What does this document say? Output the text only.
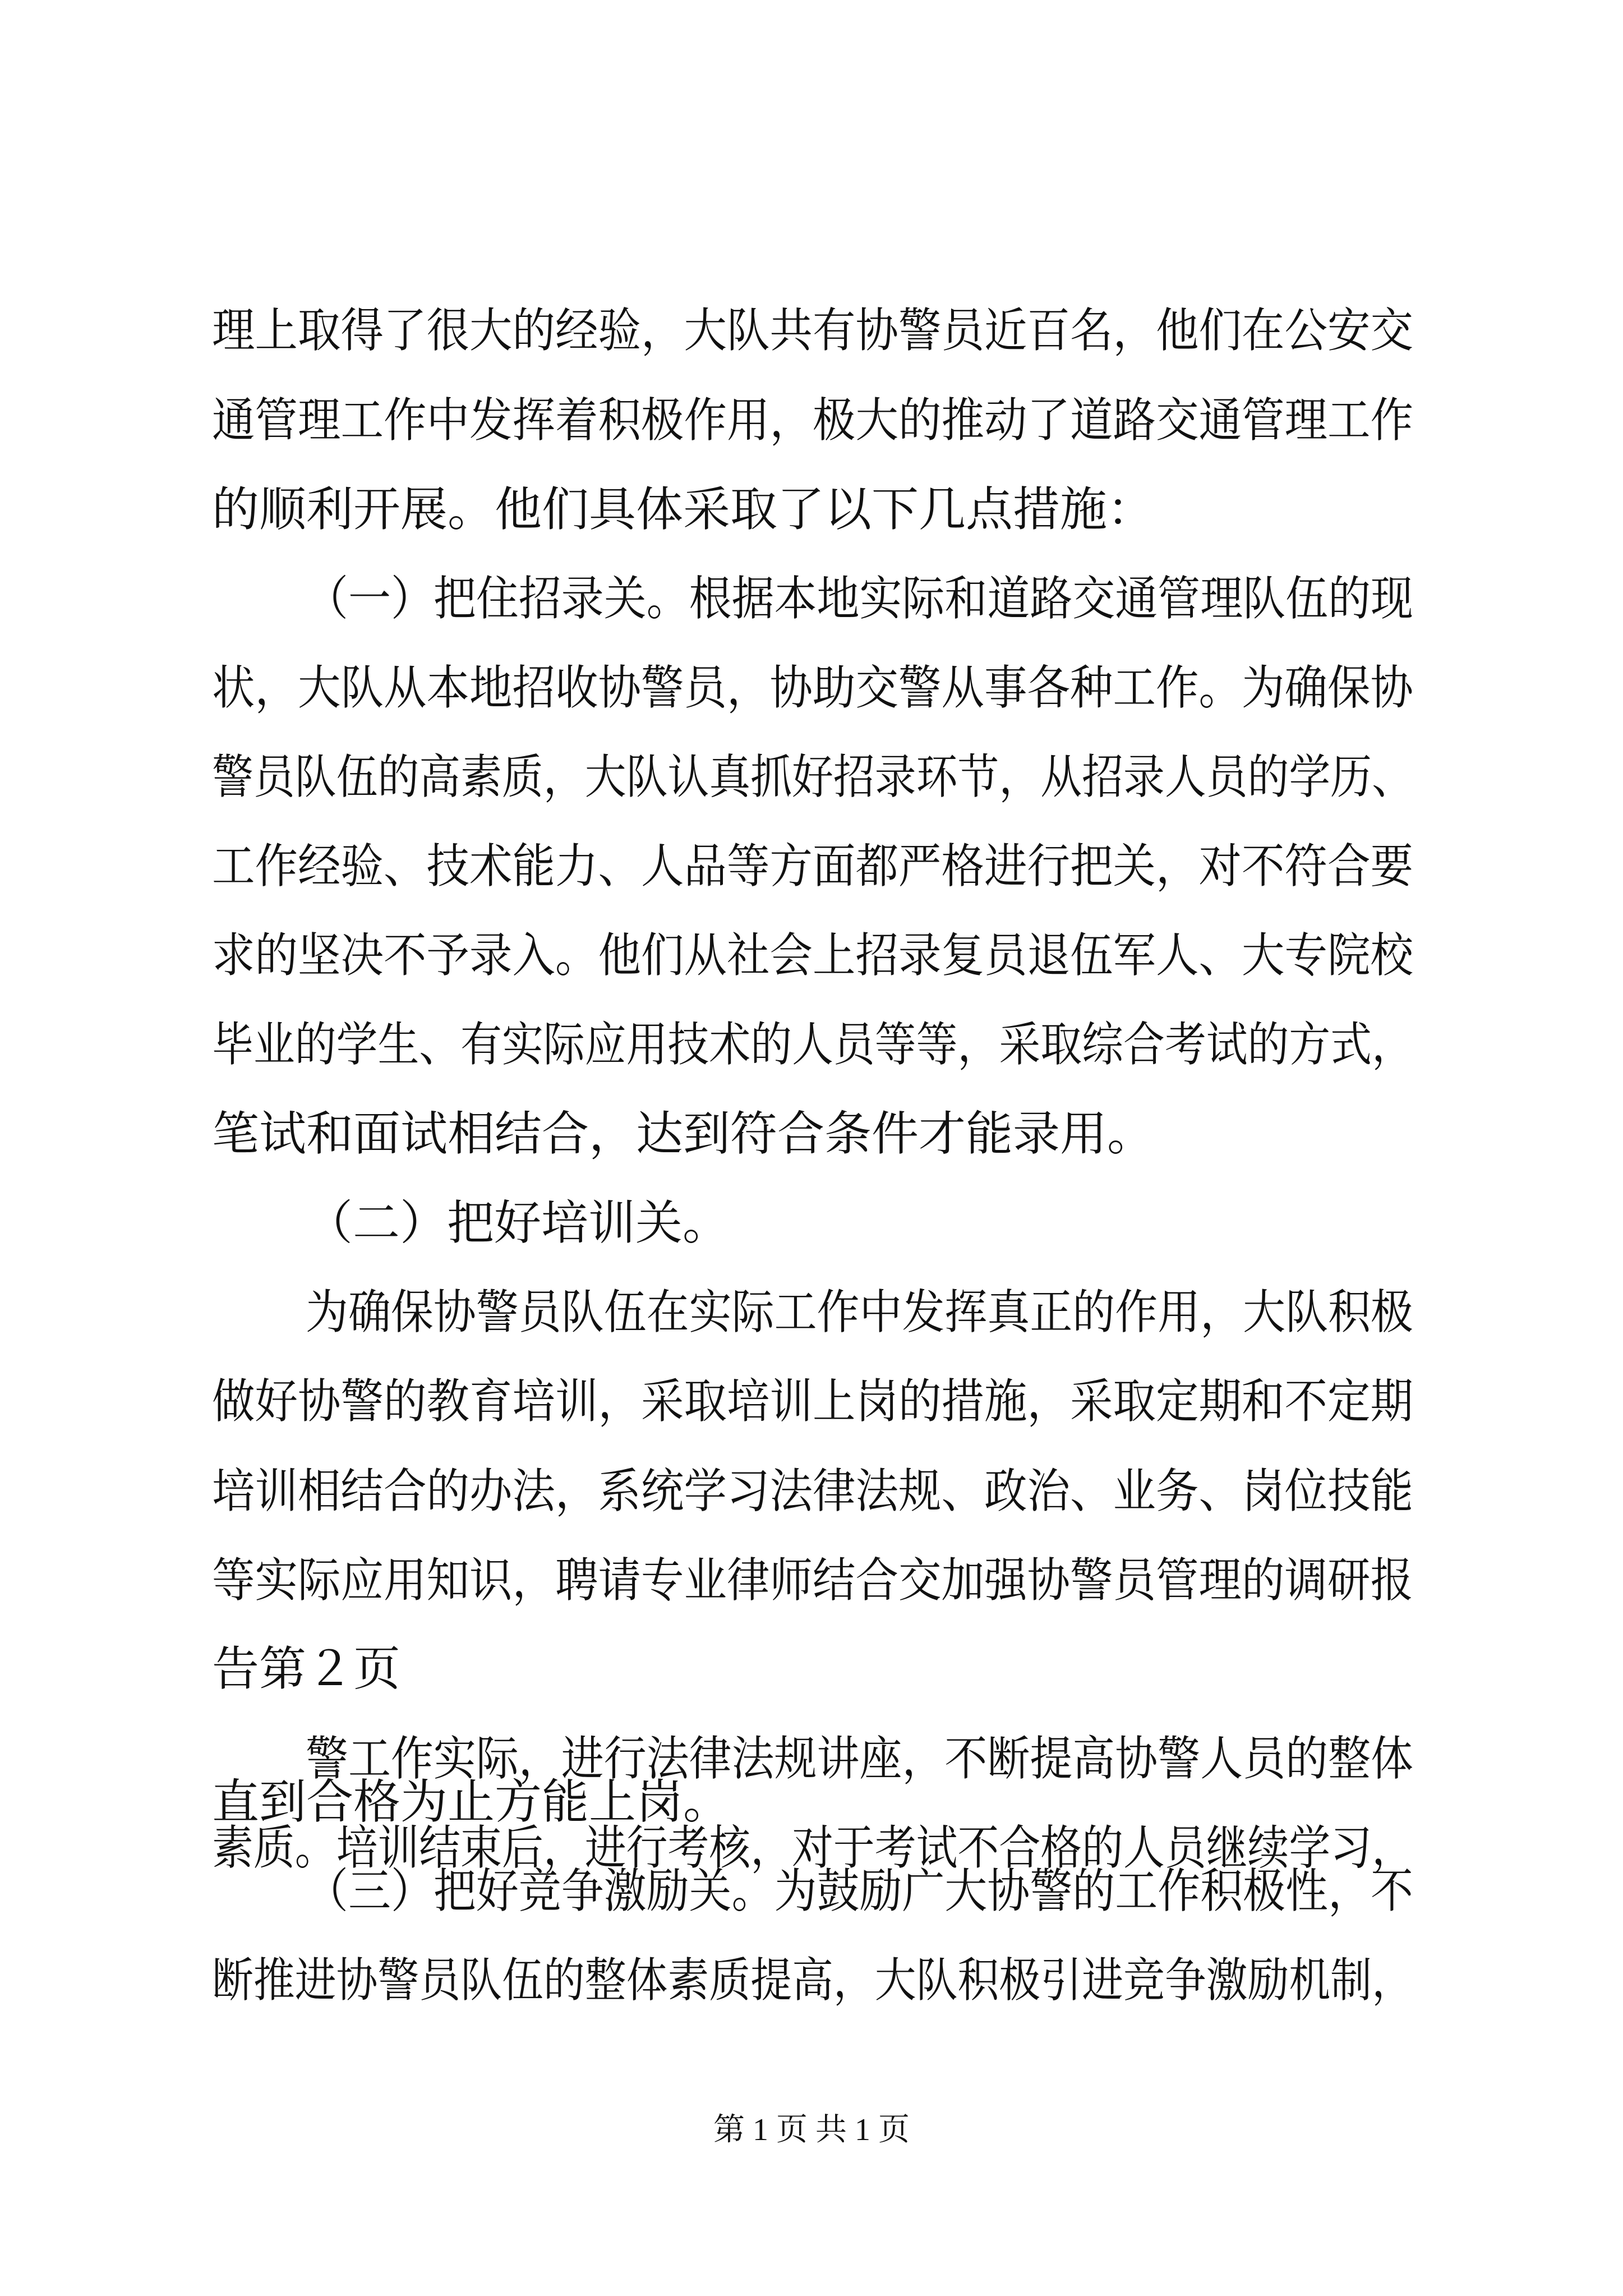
理上取得了很大的经验，大队共有协警员近百名，他们在公安交
通管理工作中发挥着积极作用，极大的推动了道路交通管理工作
的顺利开展。他们具体采取了以下几点措施：
（一）把住招录关。根据本地实际和道路交通管理队伍的现
状，大队从本地招收协警员，协助交警从事各种工作。为确保协
警员队伍的高素质，大队认真抓好招录环节，从招录人员的学历、
工作经验、技术能力、人品等方面都严格进行把关，对不符合要
求的坚决不予录入。他们从社会上招录复员退伍军人、大专院校
毕业的学生、有实际应用技术的人员等等，采取综合考试的方式，
笔试和面试相结合，达到符合条件才能录用。
（二）把好培训关。
为确保协警员队伍在实际工作中发挥真正的作用，大队积极
做好协警的教育培训，采取培训上岗的措施，采取定期和不定期
培训相结合的办法，系统学习法律法规、政治、业务、岗位技能
等实际应用知识，聘请专业律师结合交加强协警员管理的调研报
告第２页
警工作实际，进行法律法规讲座，不断提高协警人员的整体
素质。培训结束后，进行考核，对于考试不合格的人员继续学习，
直到合格为止方能上岗。
（三）把好竞争激励关。为鼓励广大协警的工作积极性，不
断推进协警员队伍的整体素质提高，大队积极引进竞争激励机制，
第 1 页 共 1 页
